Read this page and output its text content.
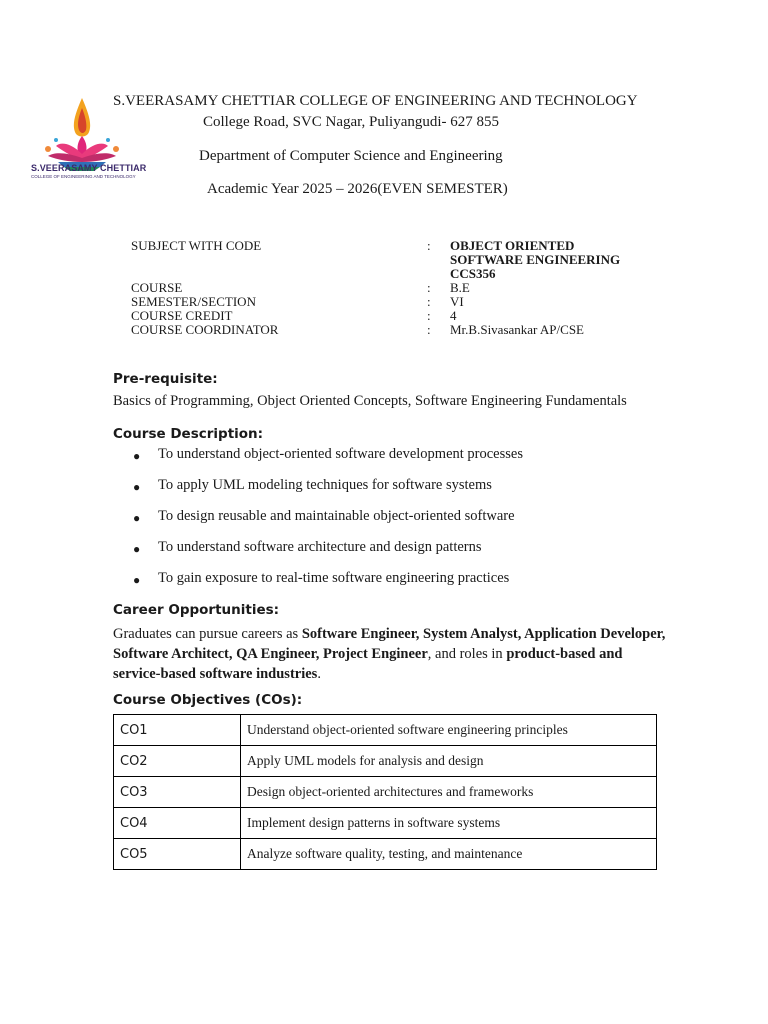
S.VEERASAMY CHETTIAR
COLLEGE OF ENGINEERING AND TECHNOLOGY
S.VEERASAMY CHETTIAR COLLEGE OF ENGINEERING AND TECHNOLOGY
College Road, SVC Nagar, Puliyangudi- 627 855
Department of Computer Science and Engineering
Academic Year 2025 – 2026(EVEN SEMESTER)
SUBJECT WITH CODE	:	OBJECT ORIENTED SOFTWARE ENGINEERING
CCS356
COURSE	:	B.E
SEMESTER/SECTION	:	VI
COURSE CREDIT	:	4
COURSE COORDINATOR	:	Mr.B.Sivasankar AP/CSE
Pre-requisite:
Basics of Programming, Object Oriented Concepts, Software Engineering Fundamentals
Course Description:
●	To understand object-oriented software development processes
●	To apply UML modeling techniques for software systems
●	To design reusable and maintainable object-oriented software
●	To understand software architecture and design patterns
●	To gain exposure to real-time software engineering practices
Career Opportunities:
Graduates can pursue careers as Software Engineer, System Analyst, Application Developer, Software Architect, QA Engineer, Project Engineer, and roles in product-based and service-based software industries.
Course Objectives (COs):
CO1	Understand object-oriented software engineering principles
CO2	Apply UML models for analysis and design
CO3	Design object-oriented architectures and frameworks
CO4	Implement design patterns in software systems
CO5	Analyze software quality, testing, and maintenance
